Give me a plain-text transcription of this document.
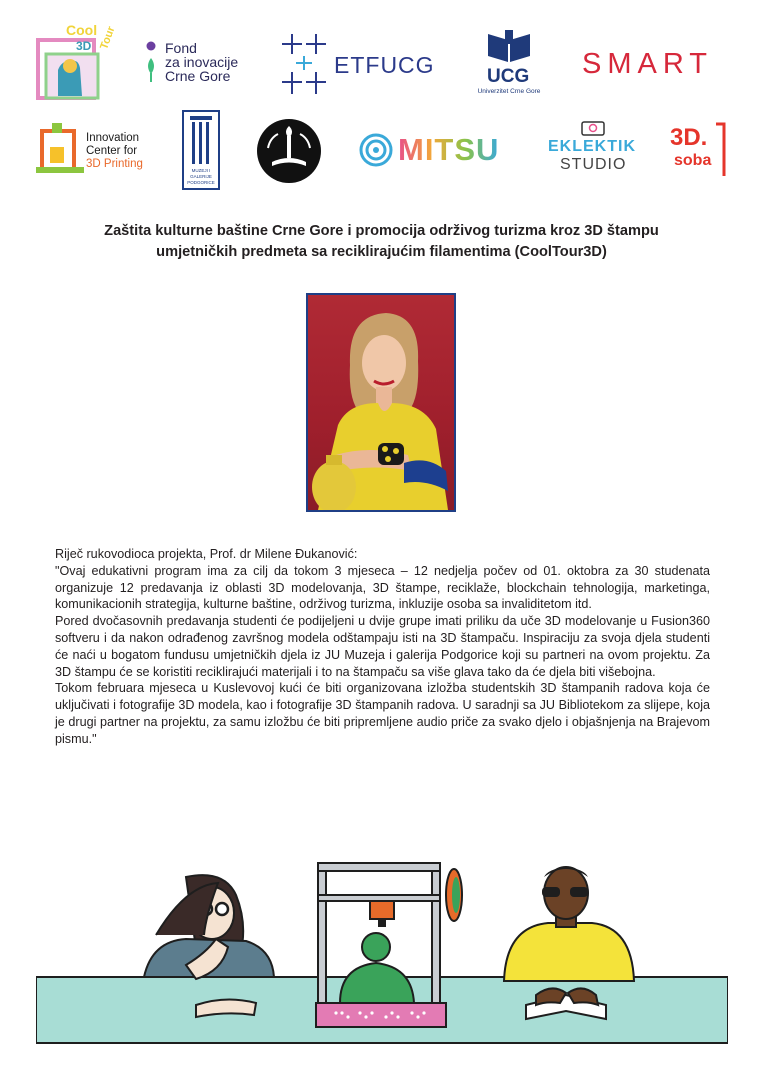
Cool Tour
3D	Fond
za inovacije
Crne Gore	ETFUCG	UCG
Univerzitet Crne Gore
SMART
Innovation
Center for
3D Printing
MUZEJI I
GALERIJE
PODGORICE
MITSU	EKLEKTIK
STUDIO
3D.
soba
Zaštita kulturne baštine Crne Gore i promocija održivog turizma kroz 3D štampu
umjetničkih predmeta sa reciklirajućim filamentima (CoolTour3D)

Riječ rukovodioca projekta, Prof. dr Milene Đukanović:

"Ovaj edukativni program ima za cilj da tokom 3 mjeseca – 12 nedjelja počev od 01. oktobra za 30 studenata organizuje 12 predavanja iz oblasti 3D modelovanja, 3D štampe, reciklaže, blockchain tehnologija, marketinga, komunikacionih strategija, kulturne baštine, održivog turizma, inkluzije osoba sa invaliditetom itd.

Pored dvočasovnih predavanja studenti će podijeljeni u dvije grupe imati priliku da uče 3D modelovanje u Fusion360 softveru i da nakon odrađenog završnog modela odštampaju isti na 3D štampaču. Inspiraciju za svoja djela studenti će naći u bogatom fundusu umjetničkih djela iz JU Muzeja i galerija Podgorice koji su partneri na ovom projektu. Za 3D štampu će se koristiti reciklirajući materijali i to na štampaču sa više glava tako da će djela biti višebojna.

Tokom februara mjeseca u Kuslevovoj kući će biti organizovana izložba studentskih 3D štampanih radova koja će uključivati i fotografije 3D modela, kao i fotografije 3D štampanih radova. U saradnji sa JU Bibliotekom za slijepe, koja je drugi partner na projektu, za samu izložbu će biti pripremljene audio priče za svako djelo i objašnjenja na Brajevom pismu."
